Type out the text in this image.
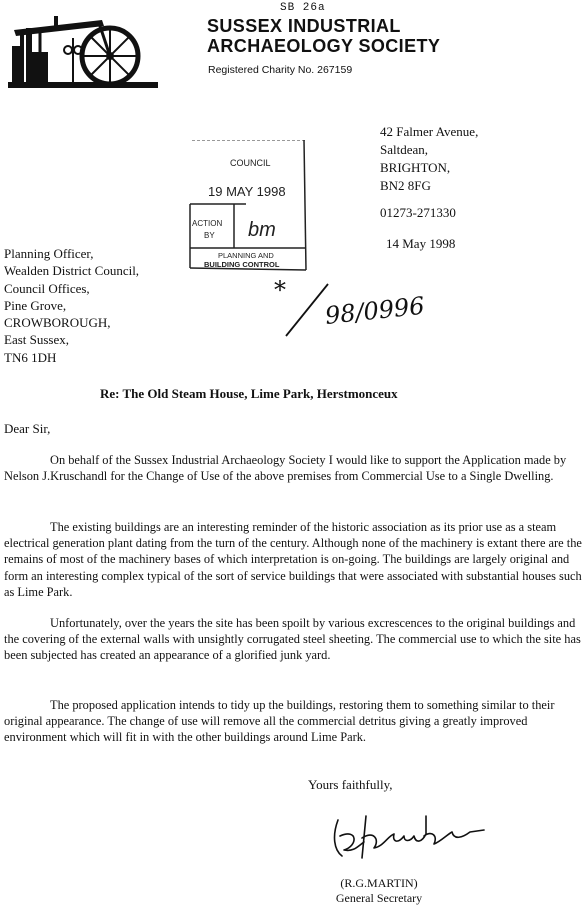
SB 26a
SUSSEX INDUSTRIAL
ARCHAEOLOGY SOCIETY
Registered Charity No. 267159
42 Falmer Avenue,
Saltdean,
BRIGHTON,
BN2 8FG
01273-271330
14 May 1998
COUNCIL
19 MAY 1998
ACTION
BY bm
PLANNING AND
BUILDING CONTROL
*
98/0996
Planning Officer,
Wealden District Council,
Council Offices,
Pine Grove,
CROWBOROUGH,
East Sussex,
TN6 1DH
Re: The Old Steam House, Lime Park, Herstmonceux
Dear Sir,
On behalf of the Sussex Industrial Archaeology Society I would like to support the Application made by Nelson J.Kruschandl for the Change of Use of the above premises from Commercial Use to a Single Dwelling.
The existing buildings are an interesting reminder of the historic association as its prior use as a steam electrical generation plant dating from the turn of the century. Although none of the machinery is extant there are the remains of most of the machinery bases of which interpretation is on-going. The buildings are largely original and form an interesting complex typical of the sort of service buildings that were associated with substantial houses such as Lime Park.
Unfortunately, over the years the site has been spoilt by various excrescences to the original buildings and the covering of the external walls with unsightly corrugated steel sheeting. The commercial use to which the site has been subjected has created an appearance of a glorified junk yard.
The proposed application intends to tidy up the buildings, restoring them to something similar to their original appearance. The change of use will remove all the commercial detritus giving a greatly improved environment which will fit in with the other buildings around Lime Park.
Yours faithfully,
(R.G.MARTIN)
General Secretary
